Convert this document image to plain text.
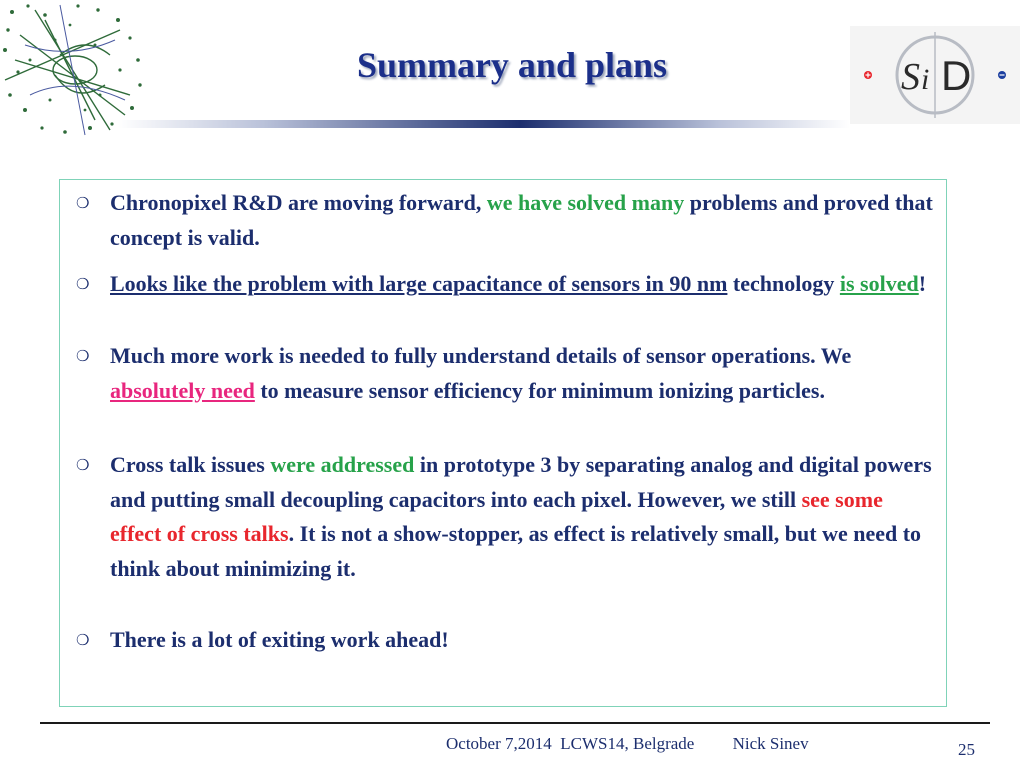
Summary and plans	S i D
❍ Chronopixel R&D are moving forward, we have solved many problems and proved that concept is valid.
❍ Looks like the problem with large capacitance of sensors in 90 nm technology is solved!
❍ Much more work is needed to fully understand details of sensor operations. We absolutely need to measure sensor efficiency for minimum ionizing particles.
❍ Cross talk issues were addressed in prototype 3 by separating analog and digital powers and putting small decoupling capacitors into each pixel. However, we still see some effect of cross talks. It is not a show-stopper, as effect is relatively small, but we need to think about minimizing it.
❍ There is a lot of exiting work ahead!
October 7,2014  LCWS14, Belgrade         Nick Sinev	25
